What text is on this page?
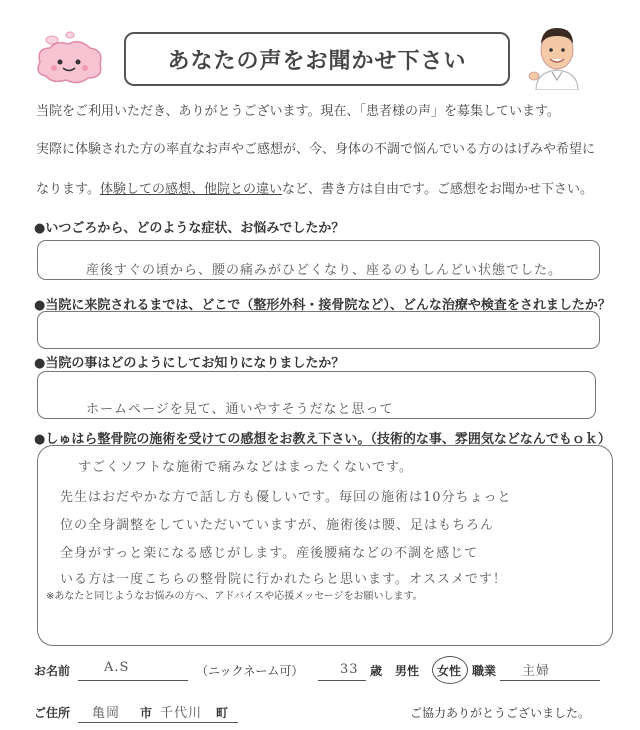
あなたの声をお聞かせ下さい
当院をご利用いただき、ありがとうございます。現在、「患者様の声」を募集しています。
実際に体験された方の率直なお声やご感想が、今、身体の不調で悩んでいる方のはげみや希望に
なります。体験しての感想、他院との違いなど、書き方は自由です。ご感想をお聞かせ下さい。
●いつごろから、どのような症状、お悩みでしたか？
産後すぐの頃から、腰の痛みがひどくなり、座るのもしんどい状態でした。
●当院に来院されるまでは、どこで（整形外科・接骨院など）、どんな治療や検査をされましたか？
●当院の事はどのようにしてお知りになりましたか？
ホームページを見て、通いやすそうだなと思って
●しゅはら整骨院の施術を受けての感想をお教え下さい。（技術的な事、雰囲気などなんでもｏｋ）
すごくソフトな施術で痛みなどはまったくないです。
先生はおだやかな方で話し方も優しいです。毎回の施術は10分ちょっと
位の全身調整をしていただいていますが、施術後は腰、足はもちろん
全身がすっと楽になる感じがします。産後腰痛などの不調を感じて
いる方は一度こちらの整骨院に行かれたらと思います。オススメです！
※あなたと同じようなお悩みの方へ、アドバイスや応援メッセージをお願いします。
お名前	A.S	（ニックネーム可）	33 歳 男性 女性 職業 主婦
ご住所 亀岡 市 千代川 町	ご協力ありがとうございました。
